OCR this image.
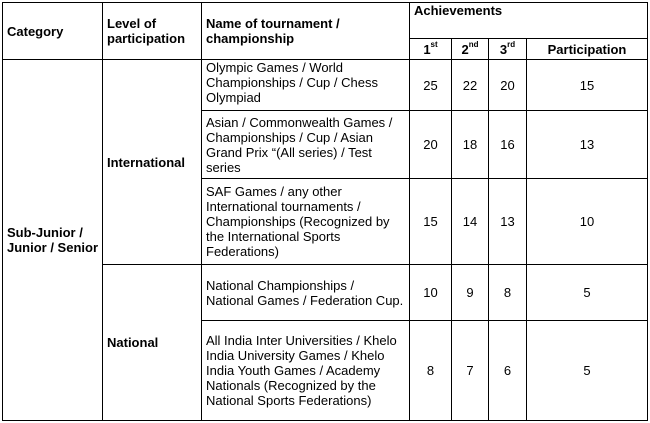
Category	Level of participation	Name of tournament / championship	Achievements			
			1st	2nd	3rd	Participation
Sub-Junior / Junior / Senior	International	Olympic Games / World Championships / Cup / Chess Olympiad	25	22	20	15
		Asian / Commonwealth Games / Championships / Cup / Asian Grand Prix “(All series) / Test series	20	18	16	13
		SAF Games / any other International tournaments / Championships (Recognized by the International Sports Federations)	15	14	13	10
	National	National Championships / National Games / Federation Cup.	10	9	8	5
		All India Inter Universities / Khelo India University Games / Khelo India Youth Games / Academy Nationals (Recognized by the National Sports Federations)	8	7	6	5
